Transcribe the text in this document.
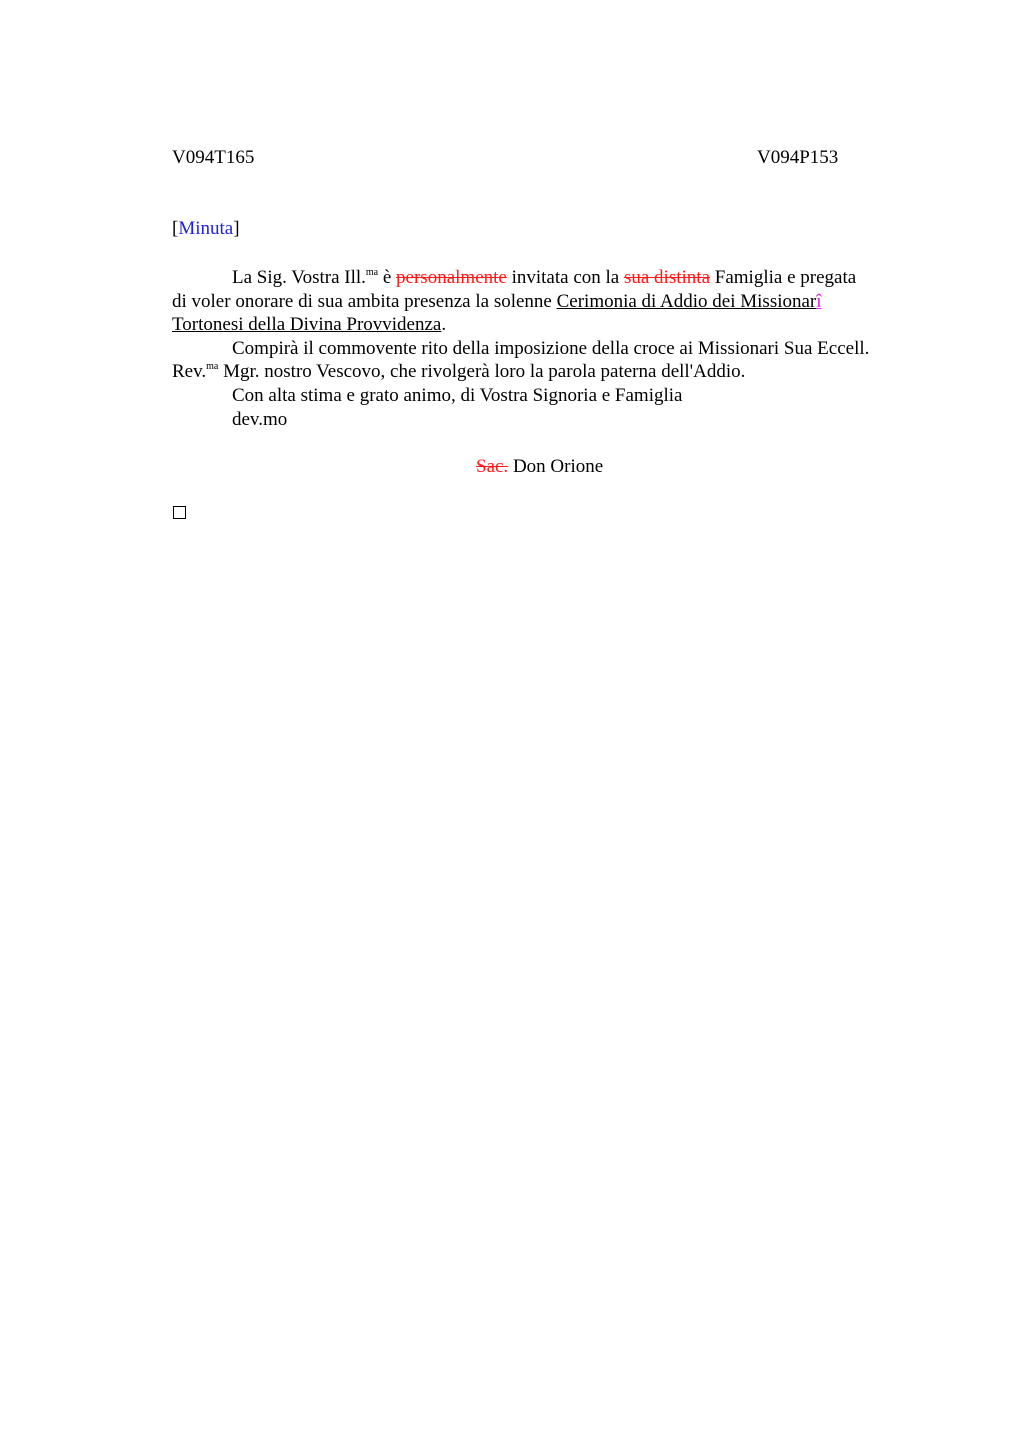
V094T165	V094P153
[Minuta]
La Sig. Vostra Ill.$^{ma}$ è personalmente invitata con la sua distinta Famiglia e pregata
di voler onorare di sua ambita presenza la solenne Cerimonia di Addio dei Missionarî
Tortonesi della Divina Provvidenza.
Compirà il commovente rito della imposizione della croce ai Missionari Sua Eccell.
Rev.$^{ma}$ Mgr. nostro Vescovo, che rivolgerà loro la parola paterna dell'Addio.
Con alta stima e grato animo, di Vostra Signoria e Famiglia
dev.mo
Sac. Don Orione
